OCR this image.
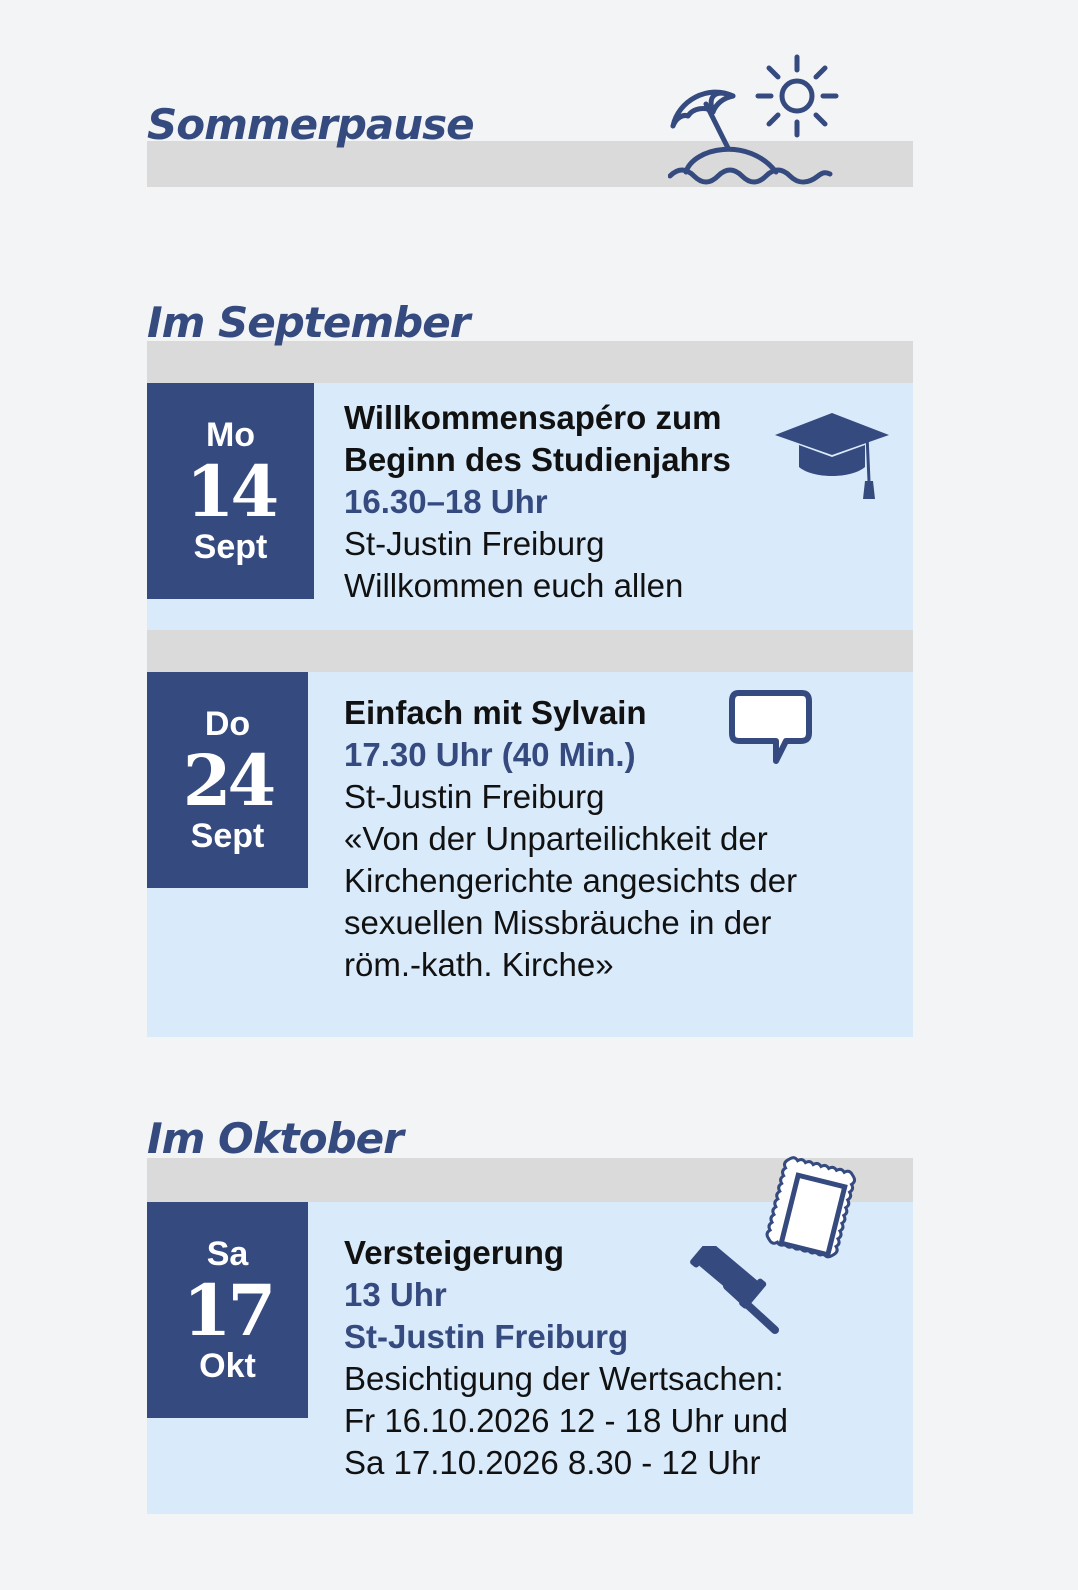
Sommerpause
Im September
Mo
14
Sept
Willkommensapéro zum
Beginn des Studienjahrs
16.30–18 Uhr
St-Justin Freiburg
Willkommen euch allen
Do
24
Sept
Einfach mit Sylvain
17.30 Uhr (40 Min.)
St-Justin Freiburg
«Von der Unparteilichkeit der
Kirchengerichte angesichts der
sexuellen Missbräuche in der
röm.-kath. Kirche»
Im Oktober
Sa
17
Okt
Versteigerung
13 Uhr
St-Justin Freiburg
Besichtigung der Wertsachen:
Fr 16.10.2026 12 - 18 Uhr und
Sa 17.10.2026 8.30 - 12 Uhr
